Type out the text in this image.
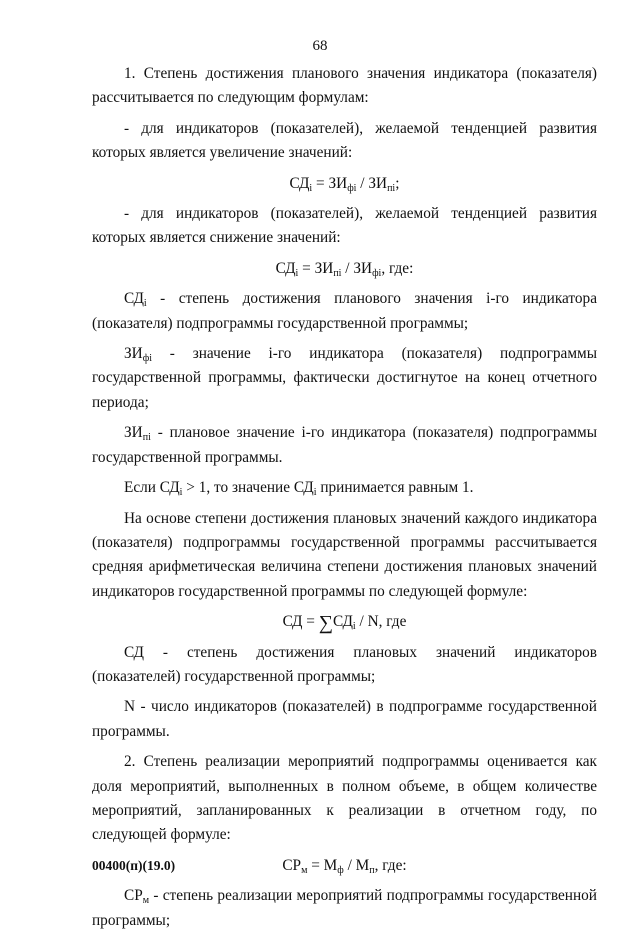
68

1. Степень достижения планового значения индикатора (показателя) рассчитывается по следующим формулам:

- для индикаторов (показателей), желаемой тенденцией развития которых является увеличение значений:

$СД_i = ЗИ_{фi} / ЗИ_{пi}$;

- для индикаторов (показателей), желаемой тенденцией развития которых является снижение значений:

$СД_i = ЗИ_{пi} / ЗИ_{фi}$, где:

$СД_i$ - степень достижения планового значения i-го индикатора (показателя) подпрограммы государственной программы;

$ЗИ_{фi}$ - значение i-го индикатора (показателя) подпрограммы государственной программы, фактически достигнутое на конец отчетного периода;

$ЗИ_{пi}$ - плановое значение i-го индикатора (показателя) подпрограммы государственной программы.

Если $СД_i > 1$, то значение $СД_i$ принимается равным 1.

На основе степени достижения плановых значений каждого индикатора (показателя) подпрограммы государственной программы рассчитывается средняя арифметическая величина степени достижения плановых значений индикаторов государственной программы по следующей формуле:

СД = $\sum СД_i$ / N, где

СД - степень достижения плановых значений индикаторов (показателей) государственной программы;

N - число индикаторов (показателей) в подпрограмме государственной программы.

2. Степень реализации мероприятий подпрограммы оценивается как доля мероприятий, выполненных в полном объеме, в общем количестве мероприятий, запланированных к реализации в отчетном году, по следующей формуле:

$СР_м = М_ф / М_п$, где:

$СР_м$ - степень реализации мероприятий подпрограммы государственной программы;

00400(п)(19.0)
